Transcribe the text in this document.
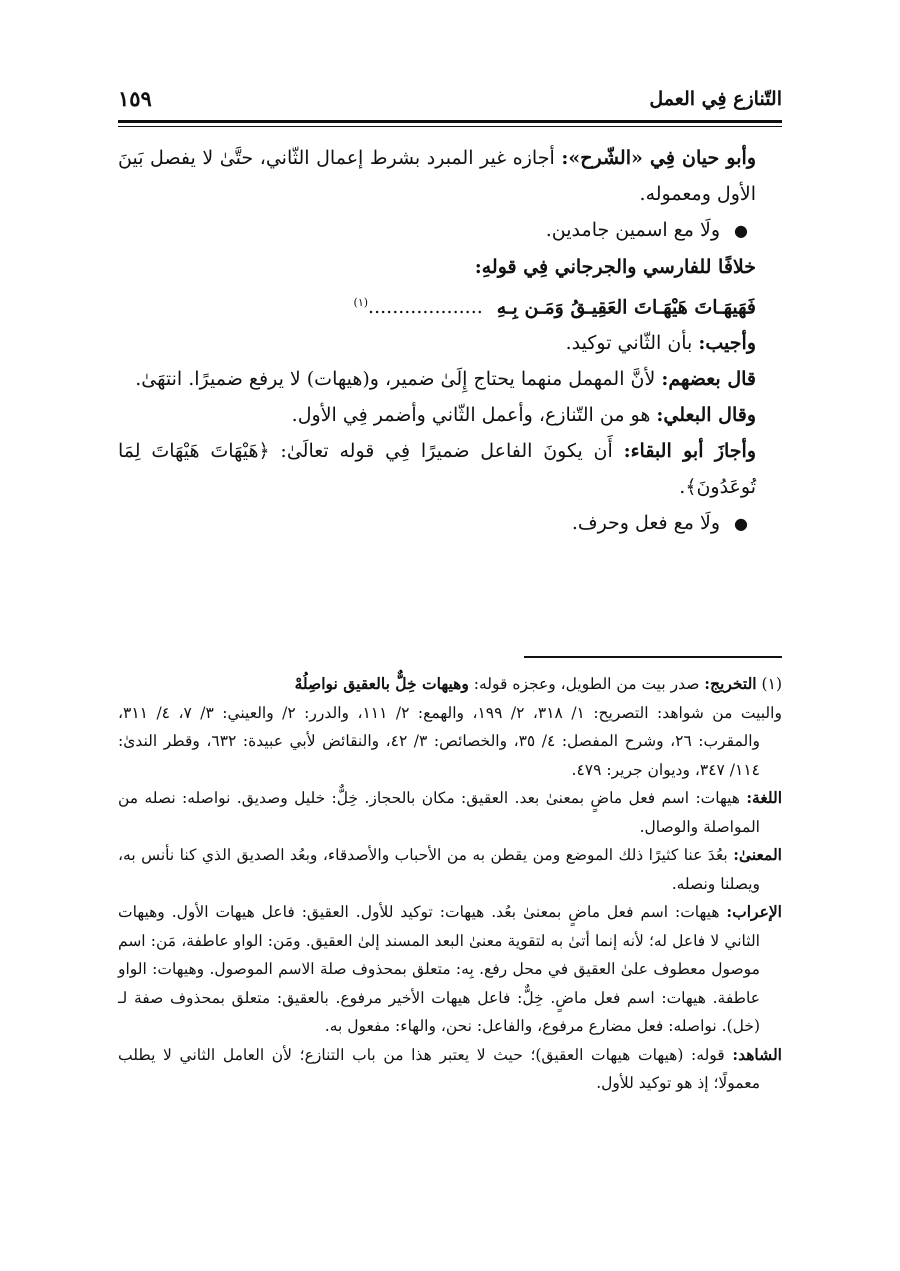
التّنازع فِي العمل
١٥٩

وأبو حيان فِي «الشّرح»: أجازه غير المبرد بشرط إعمال الثّاني، حتَّىٰ لا يفصل بَينَ الأول ومعموله.

●ولَا مع اسمين جامدين.

خلافًا للفارسي والجرجاني فِي قولهِ:

فَهَيهَـاتَ هَيْهَـاتَ العَقِيـقُ وَمَـن بِـهِ...................$^{(١)}$

وأجيب: بأن الثّاني توكيد.

قال بعضهم: لأنَّ المهمل منهما يحتاج إِلَىٰ ضمير، و(هيهات) لا يرفع ضميرًا. انتهَىٰ.

وقال البعلي: هو من التّنازع، وأعمل الثّاني وأضمر فِي الأول.

وأجازَ أبو البقاء: أَن يكونَ الفاعل ضميرًا فِي قوله تعالَىٰ: ﴿هَيْهَاتَ هَيْهَاتَ لِمَا تُوعَدُونَ﴾.

●ولَا مع فعل وحرف.

(١) التخريج: صدر بيت من الطويل، وعجزه قوله: وهيهات خِلٌّ بالعقيق نواصِلُهْ

والبيت من شواهد: التصريح: ١/ ٣١٨، ٢/ ١٩٩، والهمع: ٢/ ١١١، والدرر: ٢/ والعيني: ٣/ ٧، ٤/ ٣١١، والمقرب: ٢٦، وشرح المفصل: ٤/ ٣٥، والخصائص: ٣/ ٤٢، والنقائض لأبي عبيدة: ٦٣٢، وقطر الندىٰ: ١١٤/ ٣٤٧، وديوان جرير: ٤٧٩.

اللغة: هيهات: اسم فعل ماضٍ بمعنىٰ بعد. العقيق: مكان بالحجاز. خِلٌّ: خليل وصديق. نواصله: نصله من المواصلة والوصال.

المعنىٰ: بعُدَ عنا كثيرًا ذلك الموضع ومن يقطن به من الأحباب والأصدقاء، وبعُد الصديق الذي كنا نأنس به، ويصلنا ونصله.

الإعراب: هيهات: اسم فعل ماضٍ بمعنىٰ بعُد. هيهات: توكيد للأول. العقيق: فاعل هيهات الأول. وهيهات الثاني لا فاعل له؛ لأنه إنما أتىٰ به لتقوية معنىٰ البعد المسند إلىٰ العقيق. ومَن: الواو عاطفة، مَن: اسم موصول معطوف علىٰ العقيق في محل رفع. بِه: متعلق بمحذوف صلة الاسم الموصول. وهيهات: الواو عاطفة. هيهات: اسم فعل ماضٍ. خِلٌّ: فاعل هيهات الأخير مرفوع. بالعقيق: متعلق بمحذوف صفة لـ (خل). نواصله: فعل مضارع مرفوع، والفاعل: نحن، والهاء: مفعول به.

الشاهد: قوله: (هيهات هيهات العقيق)؛ حيث لا يعتبر هذا من باب التنازع؛ لأن العامل الثاني لا يطلب معمولًا؛ إذ هو توكيد للأول.
